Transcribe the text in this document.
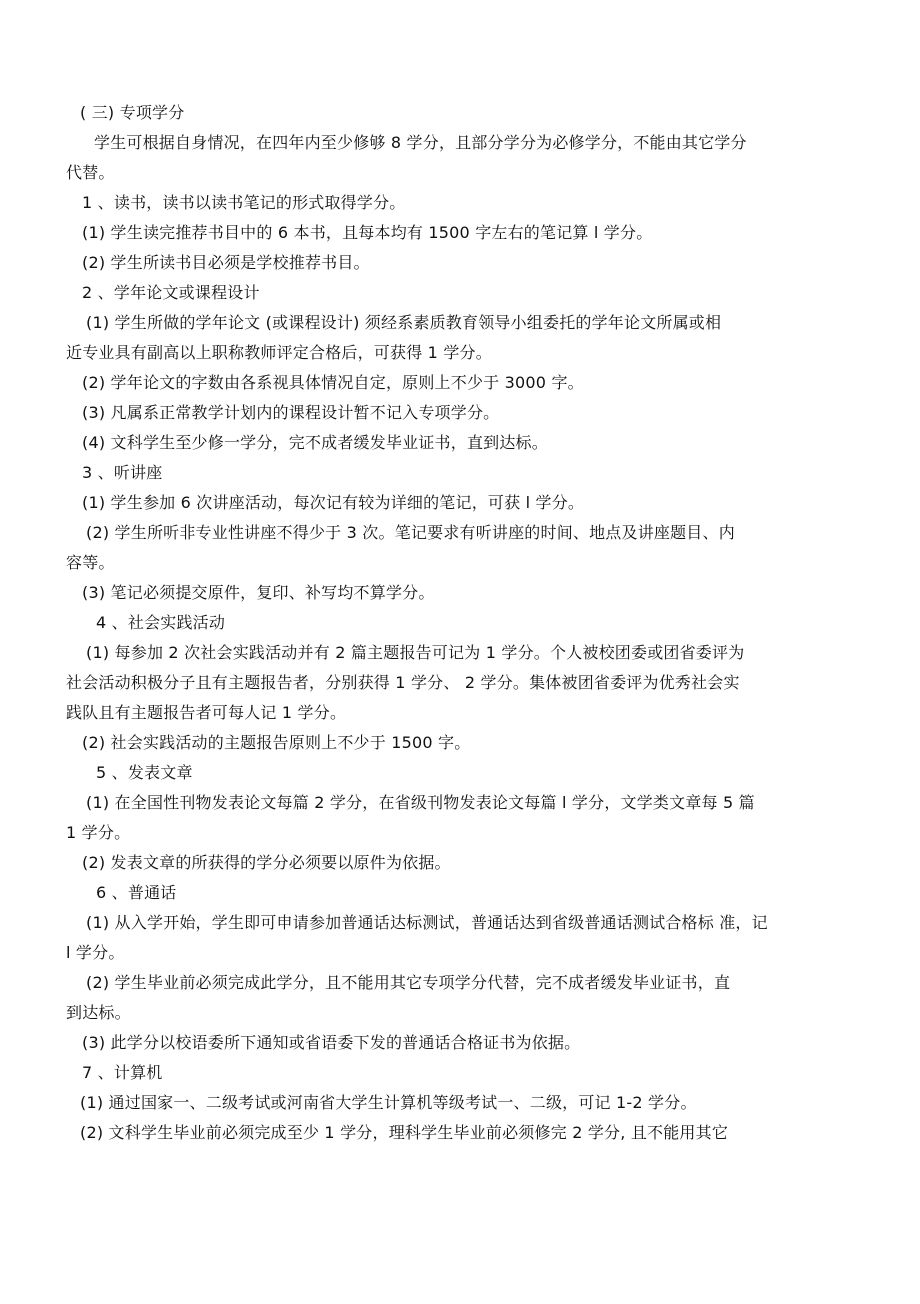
( 三) 专项学分
学生可根据自身情况，在四年内至少修够 8 学分，且部分学分为必修学分，不能由其它学分
代替。
1 、读书，读书以读书笔记的形式取得学分。
(1) 学生读完推荐书目中的 6 本书，且每本均有 1500 字左右的笔记算 l 学分。
(2) 学生所读书目必须是学校推荐书目。
2 、学年论文或课程设计
(1) 学生所做的学年论文 (或课程设计) 须经系素质教育领导小组委托的学年论文所属或相
近专业具有副高以上职称教师评定合格后，可获得 1 学分。
(2) 学年论文的字数由各系视具体情况自定，原则上不少于 3000 字。
(3) 凡属系正常教学计划内的课程设计暂不记入专项学分。
(4) 文科学生至少修一学分，完不成者缓发毕业证书，直到达标。
3 、听讲座
(1) 学生参加 6 次讲座活动，每次记有较为详细的笔记，可获 l 学分。
(2) 学生所听非专业性讲座不得少于 3 次。笔记要求有听讲座的时间、地点及讲座题目、内
容等。
(3) 笔记必须提交原件，复印、补写均不算学分。
4 、社会实践活动
(1) 每参加 2 次社会实践活动并有 2 篇主题报告可记为 1 学分。个人被校团委或团省委评为
社会活动积极分子且有主题报告者，分别获得 1 学分、 2 学分。集体被团省委评为优秀社会实
践队且有主题报告者可每人记 1 学分。
(2) 社会实践活动的主题报告原则上不少于 1500 字。
5 、发表文章
(1) 在全国性刊物发表论文每篇 2 学分，在省级刊物发表论文每篇 l 学分，文学类文章每 5 篇
1 学分。
(2) 发表文章的所获得的学分必须要以原件为依据。
6 、普通话
(1) 从入学开始，学生即可申请参加普通话达标测试，普通话达到省级普通话测试合格标 准，记
l 学分。
(2) 学生毕业前必须完成此学分，且不能用其它专项学分代替，完不成者缓发毕业证书，直
到达标。
(3) 此学分以校语委所下通知或省语委下发的普通话合格证书为依据。
7 、计算机
(1) 通过国家一、二级考试或河南省大学生计算机等级考试一、二级，可记 1-2 学分。
(2) 文科学生毕业前必须完成至少 1 学分，理科学生毕业前必须修完 2 学分, 且不能用其它
